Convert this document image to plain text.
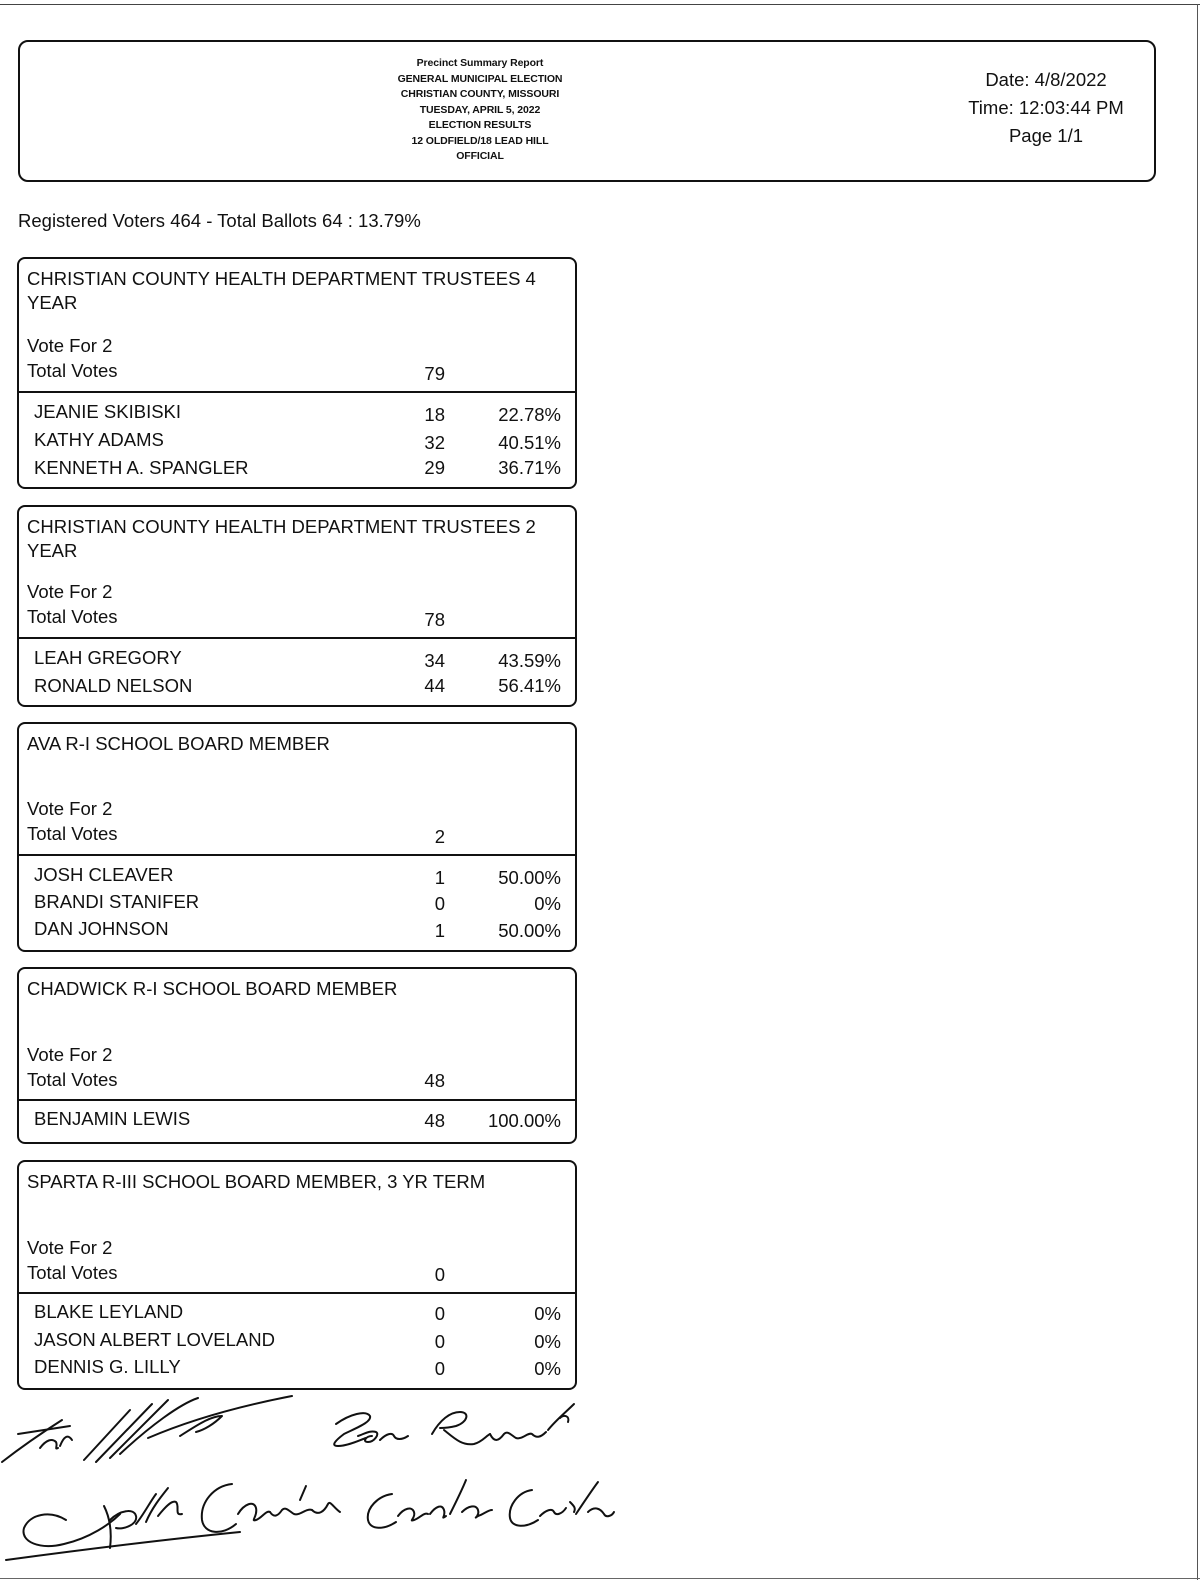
Precinct Summary Report
GENERAL MUNICIPAL ELECTION
CHRISTIAN COUNTY, MISSOURI
TUESDAY, APRIL 5, 2022
ELECTION RESULTS
12 OLDFIELD/18 LEAD HILL
OFFICIAL
Date: 4/8/2022
Time: 12:03:44 PM
Page 1/1
Registered Voters 464 - Total Ballots 64 : 13.79%
CHRISTIAN COUNTY HEALTH DEPARTMENT TRUSTEES 4 YEAR
Vote For 2
Total Votes	79
JEANIE SKIBISKI	18	22.78%
KATHY ADAMS	32	40.51%
KENNETH A. SPANGLER	29	36.71%
CHRISTIAN COUNTY HEALTH DEPARTMENT TRUSTEES 2 YEAR
Vote For 2
Total Votes	78
LEAH GREGORY	34	43.59%
RONALD NELSON	44	56.41%
AVA R-I SCHOOL BOARD MEMBER
Vote For 2
Total Votes	2
JOSH CLEAVER	1	50.00%
BRANDI STANIFER	0	0%
DAN JOHNSON	1	50.00%
CHADWICK R-I SCHOOL BOARD MEMBER
Vote For 2
Total Votes	48
BENJAMIN LEWIS	48	100.00%
SPARTA R-III SCHOOL BOARD MEMBER, 3 YR TERM
Vote For 2
Total Votes	0
BLAKE LEYLAND	0	0%
JASON ALBERT LOVELAND	0	0%
DENNIS G. LILLY	0	0%
